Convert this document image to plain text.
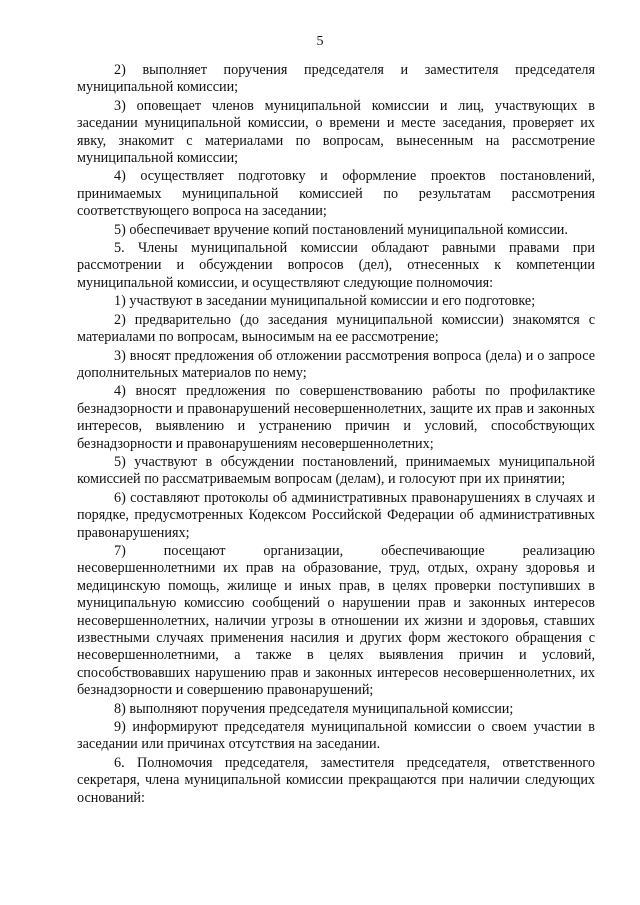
5

2) выполняет поручения председателя и заместителя председателя муниципальной комиссии;

3) оповещает членов муниципальной комиссии и лиц, участвующих в заседании муниципальной комиссии, о времени и месте заседания, проверяет их явку, знакомит с материалами по вопросам, вынесенным на рассмотрение муниципальной комиссии;

4) осуществляет подготовку и оформление проектов постановлений, принимаемых муниципальной комиссией по результатам рассмотрения соответствующего вопроса на заседании;

5) обеспечивает вручение копий постановлений муниципальной комиссии.

5. Члены муниципальной комиссии обладают равными правами при рассмотрении и обсуждении вопросов (дел), отнесенных к компетенции муниципальной комиссии, и осуществляют следующие полномочия:

1) участвуют в заседании муниципальной комиссии и его подготовке;

2) предварительно (до заседания муниципальной комиссии) знакомятся с материалами по вопросам, выносимым на ее рассмотрение;

3) вносят предложения об отложении рассмотрения вопроса (дела) и о запросе дополнительных материалов по нему;

4) вносят предложения по совершенствованию работы по профилактике безнадзорности и правонарушений несовершеннолетних, защите их прав и законных интересов, выявлению и устранению причин и условий, способствующих безнадзорности и правонарушениям несовершеннолетних;

5) участвуют в обсуждении постановлений, принимаемых муниципальной комиссией по рассматриваемым вопросам (делам), и голосуют при их принятии;

6) составляют протоколы об административных правонарушениях в случаях и порядке, предусмотренных Кодексом Российской Федерации об административных правонарушениях;

7) посещают организации, обеспечивающие реализацию несовершеннолетними их прав на образование, труд, отдых, охрану здоровья и медицинскую помощь, жилище и иных прав, в целях проверки поступивших в муниципальную комиссию сообщений о нарушении прав и законных интересов несовершеннолетних, наличии угрозы в отношении их жизни и здоровья, ставших известными случаях применения насилия и других форм жестокого обращения с несовершеннолетними, а также в целях выявления причин и условий, способствовавших нарушению прав и законных интересов несовершеннолетних, их безнадзорности и совершению правонарушений;

8) выполняют поручения председателя муниципальной комиссии;

9) информируют председателя муниципальной комиссии о своем участии в заседании или причинах отсутствия на заседании.

6. Полномочия председателя, заместителя председателя, ответственного секретаря, члена муниципальной комиссии прекращаются при наличии следующих оснований:
